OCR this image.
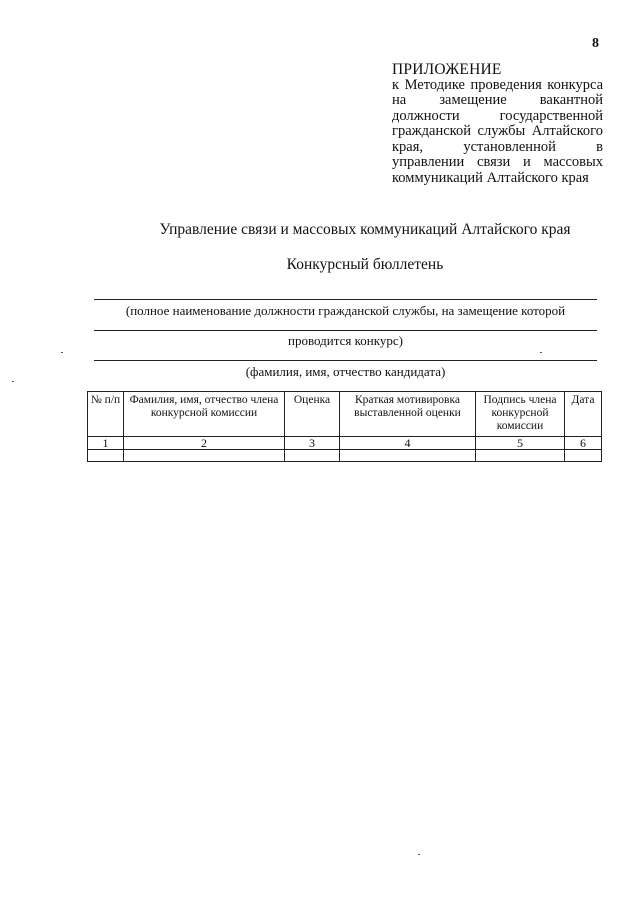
8
ПРИЛОЖЕНИЕ
к Методике проведения конкурса на замещение вакантной должности государственной гражданской службы Алтайского края, установленной в управлении связи и массовых коммуникаций Алтайского края
Управление связи и массовых коммуникаций Алтайского края
Конкурсный бюллетень
(полное наименование должности гражданской службы, на замещение которой
проводится конкурс)
(фамилия, имя, отчество кандидата)
№ п/п	Фамилия, имя, отчество члена конкурсной комиссии	Оценка	Краткая мотивировка выставленной оценки	Подпись члена конкурсной комиссии	Дата
1	2	3	4	5	6
